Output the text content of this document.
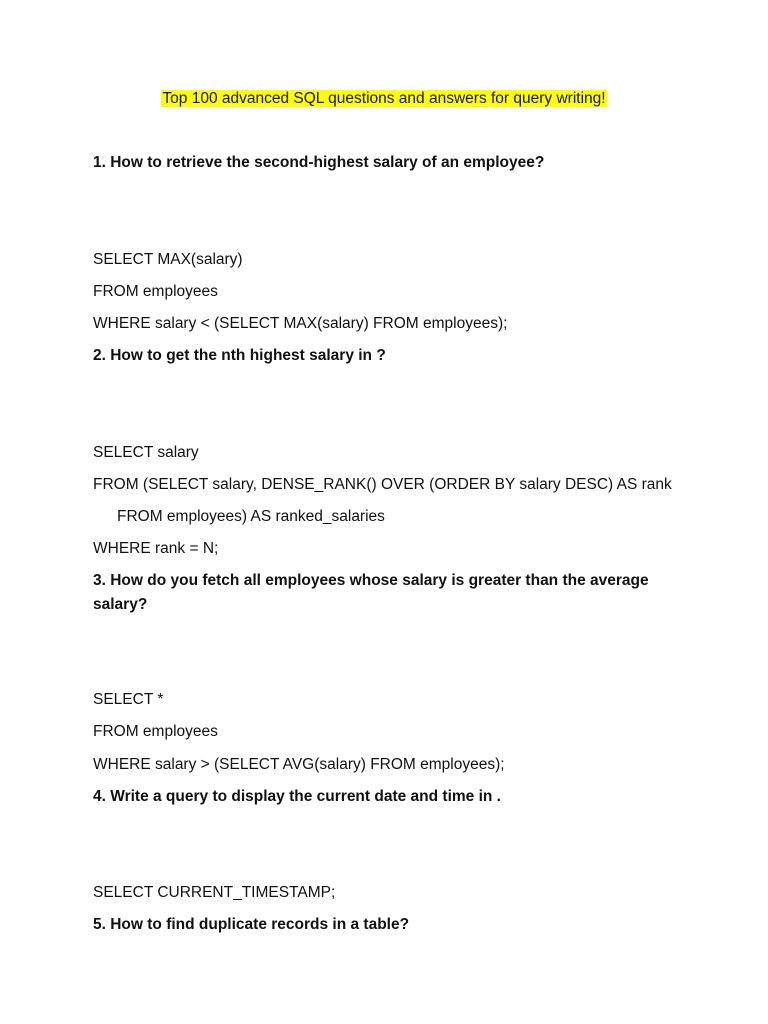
Top 100 advanced SQL questions and answers for query writing!
1. How to retrieve the second-highest salary of an employee?
SELECT MAX(salary)
FROM employees
WHERE salary < (SELECT MAX(salary) FROM employees);
2. How to get the nth highest salary in ?
SELECT salary
FROM (SELECT salary, DENSE_RANK() OVER (ORDER BY salary DESC) AS rank
FROM employees) AS ranked_salaries
WHERE rank = N;
3. How do you fetch all employees whose salary is greater than the average
salary?
SELECT *
FROM employees
WHERE salary > (SELECT AVG(salary) FROM employees);
4. Write a query to display the current date and time in .
SELECT CURRENT_TIMESTAMP;
5. How to find duplicate records in a table?
